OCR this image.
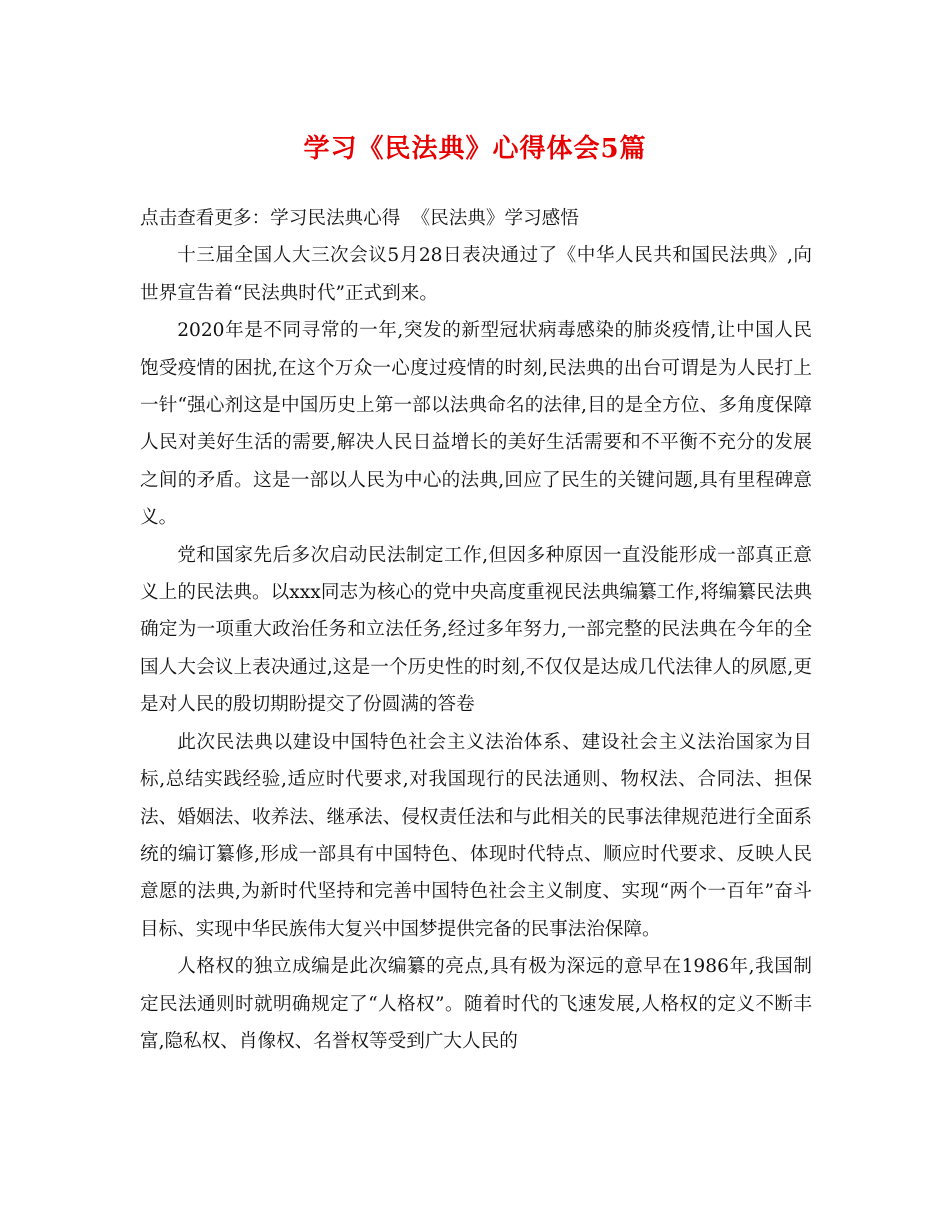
学习《民法典》心得体会5篇

点击查看更多：学习民法典心得 《民法典》学习感悟

十三届全国人大三次会议5月28日表决通过了《中华人民共和国民法典》,向世界宣告着“民法典时代”正式到来。

2020年是不同寻常的一年,突发的新型冠状病毒感染的肺炎疫情,让中国人民饱受疫情的困扰,在这个万众一心度过疫情的时刻,民法典的出台可谓是为人民打上一针“强心剂这是中国历史上第一部以法典命名的法律,目的是全方位、多角度保障人民对美好生活的需要,解决人民日益增长的美好生活需要和不平衡不充分的发展之间的矛盾。这是一部以人民为中心的法典,回应了民生的关键问题,具有里程碑意义。

党和国家先后多次启动民法制定工作,但因多种原因一直没能形成一部真正意义上的民法典。以xxx同志为核心的党中央高度重视民法典编纂工作,将编纂民法典确定为一项重大政治任务和立法任务,经过多年努力,一部完整的民法典在今年的全国人大会议上表决通过,这是一个历史性的时刻,不仅仅是达成几代法律人的夙愿,更是对人民的殷切期盼提交了份圆满的答卷

此次民法典以建设中国特色社会主义法治体系、建设社会主义法治国家为目标,总结实践经验,适应时代要求,对我国现行的民法通则、物权法、合同法、担保法、婚姻法、收养法、继承法、侵权责任法和与此相关的民事法律规范进行全面系统的编订纂修,形成一部具有中国特色、体现时代特点、顺应时代要求、反映人民意愿的法典,为新时代坚持和完善中国特色社会主义制度、实现“两个一百年”奋斗目标、实现中华民族伟大复兴中国梦提供完备的民事法治保障。

人格权的独立成编是此次编纂的亮点,具有极为深远的意早在1986年,我国制定民法通则时就明确规定了“人格权”。随着时代的飞速发展,人格权的定义不断丰富,隐私权、肖像权、名誉权等受到广大人民的
